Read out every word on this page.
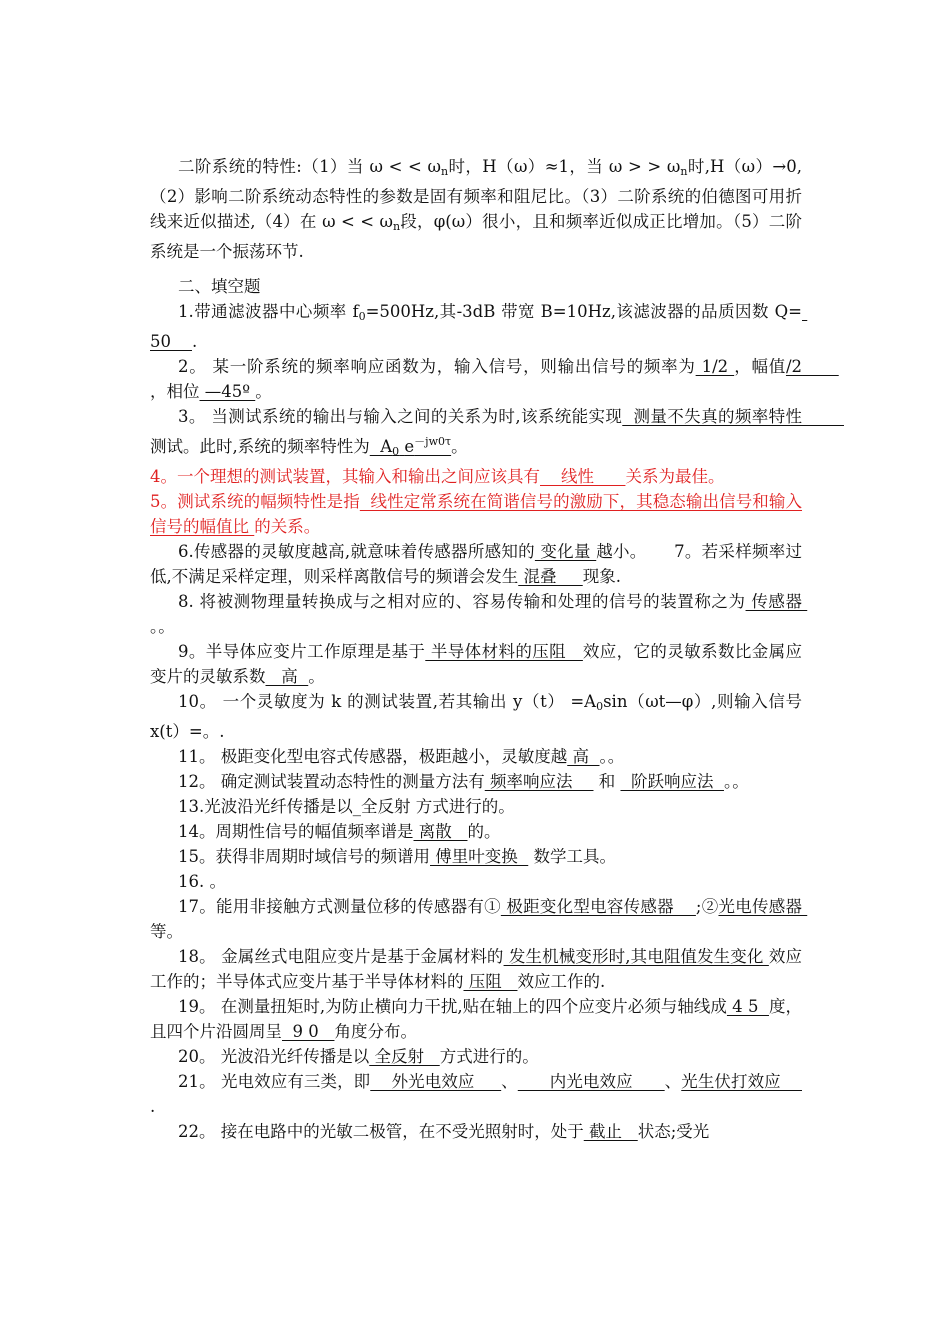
二阶系统的特性:（1）当 ω < < $\omega_n$时，H（ω）≈1，当 ω > > $\omega_n$时,H（ω）→0,（2）影响二阶系统动态特性的参数是固有频率和阻尼比。（3）二阶系统的伯德图可用折线来近似描述,（4）在 ω < < $\omega_n$段，φ(ω）很小，且和频率近似成正比增加。（5）二阶系统是一个振荡环节.

二、填空题

1.带通滤波器中心频率 $f_0=500Hz$,其-3dB 带宽 B=10Hz,该滤波器的品质因数 Q= 50    .

2。 某一阶系统的频率响应函数为，输入信号，则输出信号的频率为 1/2 ，幅值/2       ，相位 —45º 。

3。 当测试系统的输出与输入之间的关系为时,该系统能实现  测量不失真的频率特性        测试。此时,系统的频率特性为  $A_0$ $e^{-jw0\tau}$。

4。一个理想的测试装置，其输入和输出之间应该具有    线性      关系为最佳。

5。测试系统的幅频特性是指  线性定常系统在简谐信号的激励下，其稳态输出信号和输入信号的幅值比 的关系。

6.传感器的灵敏度越高,就意味着传感器所感知的 变化量 越小。 7。若采样频率过低,不满足采样定理，则采样离散信号的频谱会发生 混叠     现象.

8. 将被测物理量转换成与之相对应的、容易传输和处理的信号的装置称之为 传感器 。。

9。半导体应变片工作原理是基于 半导体材料的压阻   效应，它的灵敏系数比金属应变片的灵敏系数   高  。

10。 一个灵敏度为 k 的测试装置,若其输出 $y(t) =A_0\sin(\omega t—\varphi)$,则输入信号 x(t）=。.

11。 极距变化型电容式传感器，极距越小，灵敏度越 高  。。

12。 确定测试装置动态特性的测量方法有 频率响应法     和   阶跃响应法  。。

13.光波沿光纤传播是以_全反射 方式进行的。

14。周期性信号的幅值频率谱是 离散   的。

15。获得非周期时域信号的频谱用 傅里叶变换   数学工具。

16. 。

17。能用非接触方式测量位移的传感器有① 极距变化型电容传感器    ;②光电传感器 等。

18。 金属丝式电阻应变片是基于金属材料的 发生机械变形时,其电阻值发生变化 效应工作的；半导体式应变片基于半导体材料的 压阻   效应工作的.

19。 在测量扭矩时,为防止横向力干扰,贴在轴上的四个应变片必须与轴线成 4 5  度，且四个片沿圆周呈  9 0   角度分布。

20。 光波沿光纤传播是以 全反射   方式进行的。

21。 光电效应有三类，即    外光电效应     、      内光电效应      、光生伏打效应     .

22。 接在电路中的光敏二极管，在不受光照射时，处于 截止   状态;受光
